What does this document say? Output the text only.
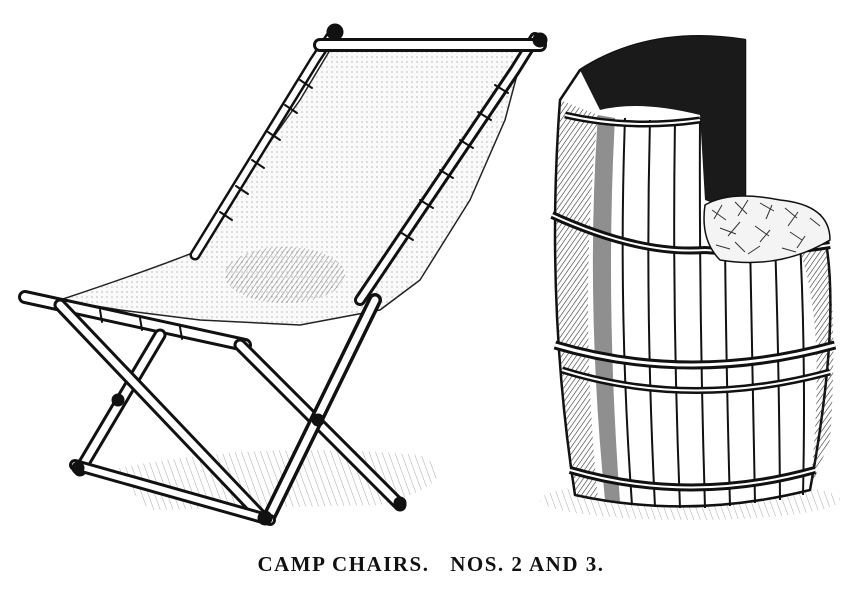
CAMP CHAIRS. NOS. 2 AND 3.
